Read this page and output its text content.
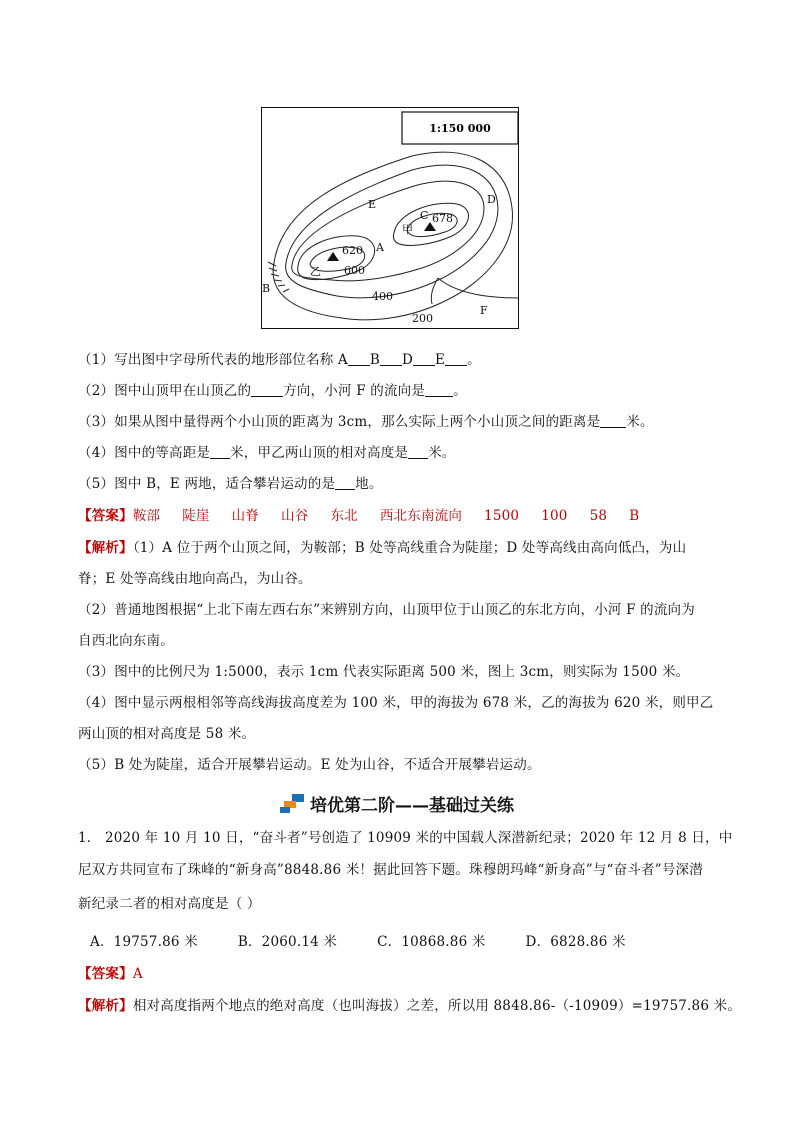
1:150 000
E	D
C 678
甲
A
620
乙 600
B
400
200
F
（1）写出图中字母所代表的地形部位名称 A B D E 。
（2）图中山顶甲在山顶乙的 方向，小河 F 的流向是 。
（3）如果从图中量得两个小山顶的距离为 3cm，那么实际上两个小山顶之间的距离是 米。
（4）图中的等高距是 米，甲乙两山顶的相对高度是 米。
（5）图中 B，E 两地，适合攀岩运动的是 地。
【答案】鞍部 陡崖 山脊 山谷 东北 西北东南流向 1500 100 58 B
【解析】（1）A 位于两个山顶之间，为鞍部；B 处等高线重合为陡崖；D 处等高线由高向低凸，为山
脊；E 处等高线由地向高凸，为山谷。
（2）普通地图根据“上北下南左西右东”来辨别方向，山顶甲位于山顶乙的东北方向，小河 F 的流向为
自西北向东南。
（3）图中的比例尺为 1:5000，表示 1cm 代表实际距离 500 米，图上 3cm，则实际为 1500 米。
（4）图中显示两根相邻等高线海拔高度差为 100 米，甲的海拔为 678 米，乙的海拔为 620 米，则甲乙
两山顶的相对高度是 58 米。
（5）B 处为陡崖，适合开展攀岩运动。E 处为山谷，不适合开展攀岩运动。
培优第二阶——基础过关练
1． 2020 年 10 月 10 日，“奋斗者”号创造了 10909 米的中国载人深潜新纪录；2020 年 12 月 8 日，中
尼双方共同宣布了珠峰的“新身高”8848.86 米！据此回答下题。珠穆朗玛峰“新身高”与“奋斗者”号深潜
新纪录二者的相对高度是（ ）
A．19757.86 米	B．2060.14 米	C．10868.86 米	D．6828.86 米
【答案】A
【解析】相对高度指两个地点的绝对高度（也叫海拔）之差，所以用 8848.86-（-10909）=19757.86 米。
